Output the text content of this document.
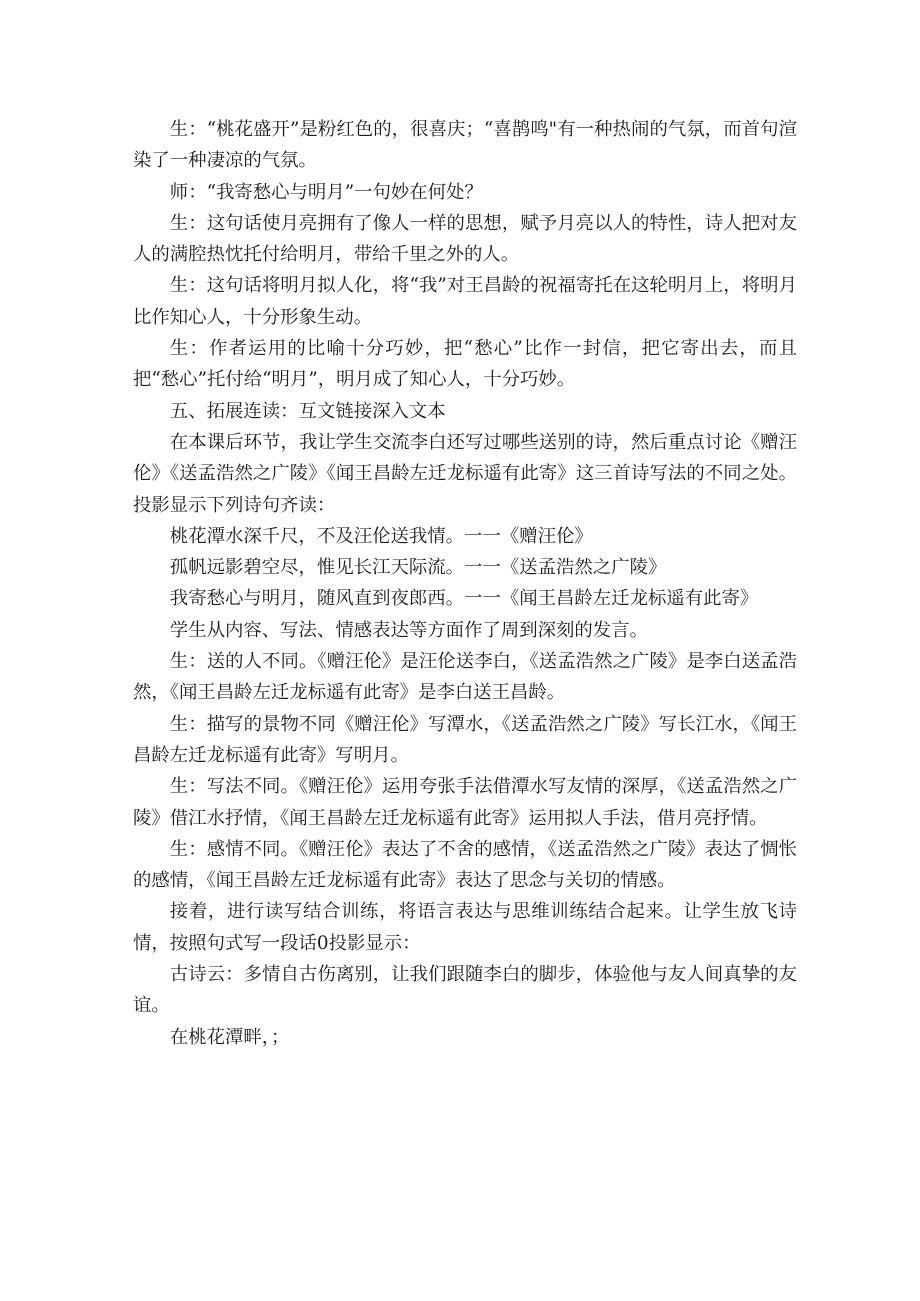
生：“桃花盛开”是粉红色的，很喜庆；“喜鹊鸣"有一种热闹的气氛，而首句渲染了一种凄凉的气氛。

师：“我寄愁心与明月”一句妙在何处？

生：这句话使月亮拥有了像人一样的思想，赋予月亮以人的特性，诗人把对友人的满腔热忱托付给明月，带给千里之外的人。

生：这句话将明月拟人化，将“我”对王昌龄的祝福寄托在这轮明月上，将明月比作知心人，十分形象生动。

生：作者运用的比喻十分巧妙，把“愁心”比作一封信，把它寄出去，而且把“愁心”托付给“明月”，明月成了知心人，十分巧妙。

五、拓展连读：互文链接深入文本

在本课后环节，我让学生交流李白还写过哪些送别的诗，然后重点讨论《赠汪伦》《送孟浩然之广陵》《闻王昌龄左迁龙标遥有此寄》这三首诗写法的不同之处。投影显示下列诗句齐读：

桃花潭水深千尺，不及汪伦送我情。一一《赠汪伦》

孤帆远影碧空尽，惟见长江天际流。一一《送孟浩然之广陵》

我寄愁心与明月，随风直到夜郎西。一一《闻王昌龄左迁龙标遥有此寄》

学生从内容、写法、情感表达等方面作了周到深刻的发言。

生：送的人不同。《赠汪伦》是汪伦送李白，《送孟浩然之广陵》是李白送孟浩然，《闻王昌龄左迁龙标遥有此寄》是李白送王昌龄。

生：描写的景物不同《赠汪伦》写潭水，《送孟浩然之广陵》写长江水，《闻王昌龄左迁龙标遥有此寄》写明月。

生：写法不同。《赠汪伦》运用夸张手法借潭水写友情的深厚，《送孟浩然之广陵》借江水抒情，《闻王昌龄左迁龙标遥有此寄》运用拟人手法，借月亮抒情。

生：感情不同。《赠汪伦》表达了不舍的感情，《送孟浩然之广陵》表达了惆怅的感情，《闻王昌龄左迁龙标遥有此寄》表达了思念与关切的情感。

接着，进行读写结合训练，将语言表达与思维训练结合起来。让学生放飞诗情，按照句式写一段话0投影显示：

古诗云：多情自古伤离别，让我们跟随李白的脚步，体验他与友人间真挚的友谊。

在桃花潭畔，；
